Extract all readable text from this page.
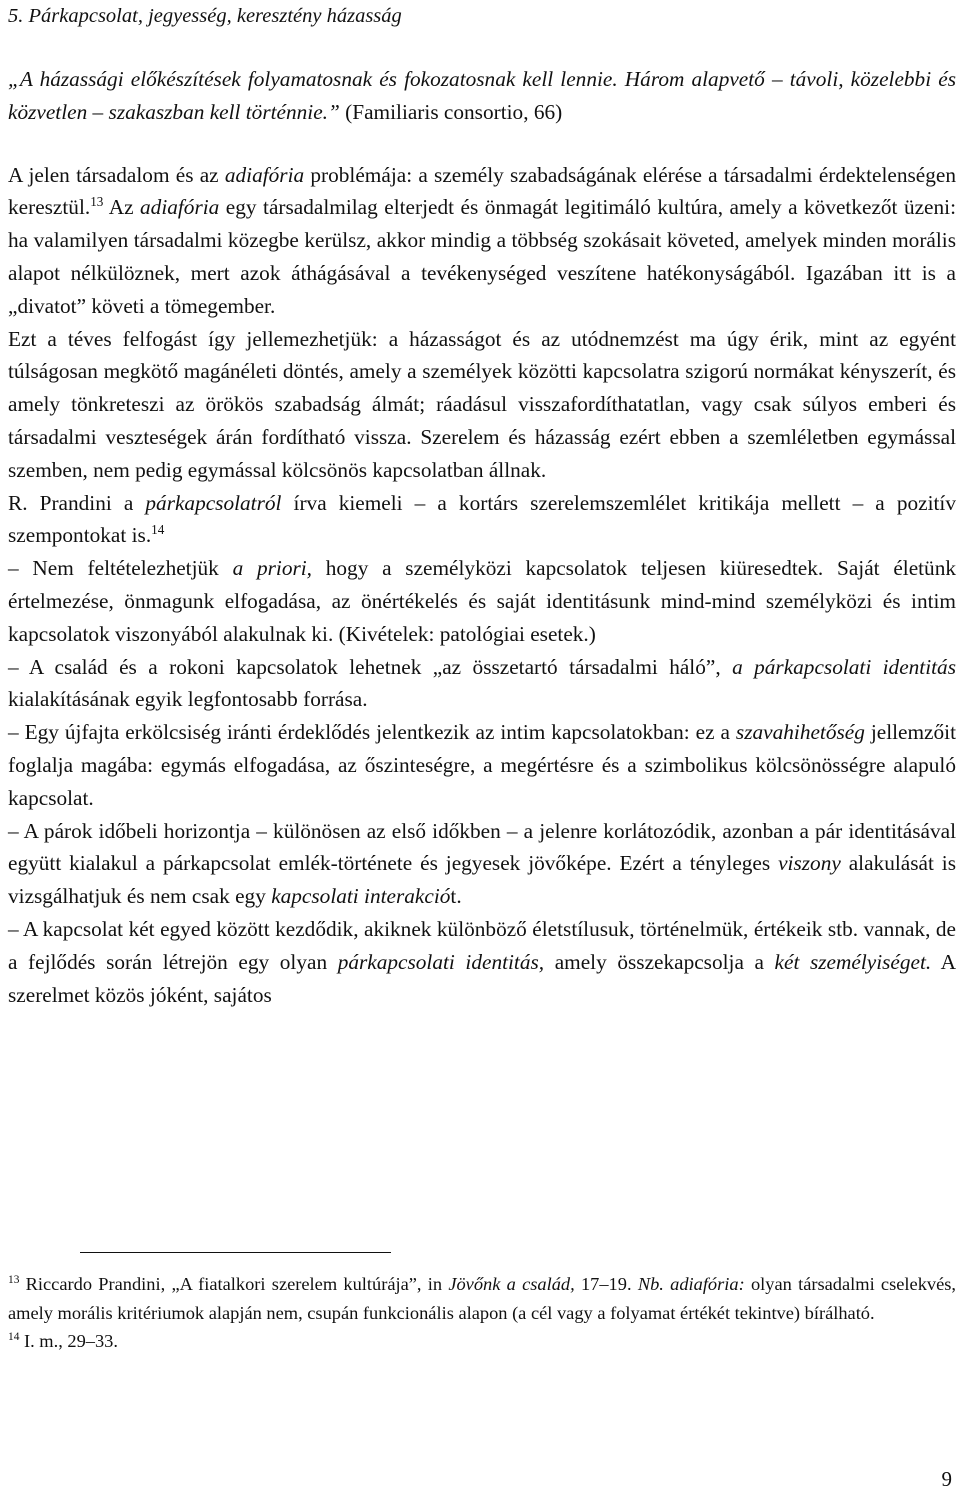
5. Párkapcsolat, jegyesség, keresztény házasság

„A házassági előkészítések folyamatosnak és fokozatosnak kell lennie. Három alapvető – távoli, közelebbi és közvetlen – szakaszban kell történnie.” (Familiaris consortio, 66)

A jelen társadalom és az adiafória problémája: a személy szabadságának elérése a társadalmi érdektelenségen keresztül.$^{13}$ Az adiafória egy társadalmilag elterjedt és önmagát legitimáló kultúra, amely a következőt üzeni: ha valamilyen társadalmi közegbe kerülsz, akkor mindig a többség szokásait követed, amelyek minden morális alapot nélkülöznek, mert azok áthágásával a tevékenységed veszítene hatékonyságából. Igazában itt is a „divatot” követi a tömegember.

Ezt a téves felfogást így jellemezhetjük: a házasságot és az utódnemzést ma úgy érik, mint az egyént túlságosan megkötő magánéleti döntés, amely a személyek közötti kapcsolatra szigorú normákat kényszerít, és amely tönkreteszi az örökös szabadság álmát; ráadásul visszafordíthatatlan, vagy csak súlyos emberi és társadalmi veszteségek árán fordítható vissza. Szerelem és házasság ezért ebben a szemléletben egymással szemben, nem pedig egymással kölcsönös kapcsolatban állnak.

R. Prandini a párkapcsolatról írva kiemeli – a kortárs szerelemszemlélet kritikája mellett – a pozitív szempontokat is.$^{14}$

– Nem feltételezhetjük a priori, hogy a személyközi kapcsolatok teljesen kiüresedtek. Saját életünk értelmezése, önmagunk elfogadása, az önértékelés és saját identitásunk mind-mind személyközi és intim kapcsolatok viszonyából alakulnak ki. (Kivételek: patológiai esetek.)

– A család és a rokoni kapcsolatok lehetnek „az összetartó társadalmi háló”, a párkapcsolati identitás kialakításának egyik legfontosabb forrása.

– Egy újfajta erkölcsiség iránti érdeklődés jelentkezik az intim kapcsolatokban: ez a szavahihetőség jellemzőit foglalja magába: egymás elfogadása, az őszinteségre, a megértésre és a szimbolikus kölcsönösségre alapuló kapcsolat.

– A párok időbeli horizontja – különösen az első időkben – a jelenre korlátozódik, azonban a pár identitásával együtt kialakul a párkapcsolat emlék-története és jegyesek jövőképe. Ezért a tényleges viszony alakulását is vizsgálhatjuk és nem csak egy kapcsolati interakciót.

– A kapcsolat két egyed között kezdődik, akiknek különböző életstílusuk, történelmük, értékeik stb. vannak, de a fejlődés során létrejön egy olyan párkapcsolati identitás, amely összekapcsolja a két személyiséget. A szerelmet közös jóként, sajátos

$^{13}$ Riccardo Prandini, „A fiatalkori szerelem kultúrája”, in Jövőnk a család, 17–19. Nb. adiafória: olyan társadalmi cselekvés, amely morális kritériumok alapján nem, csupán funkcionális alapon (a cél vagy a folyamat értékét tekintve) bírálható.

$^{14}$ I. m., 29–33.

9
